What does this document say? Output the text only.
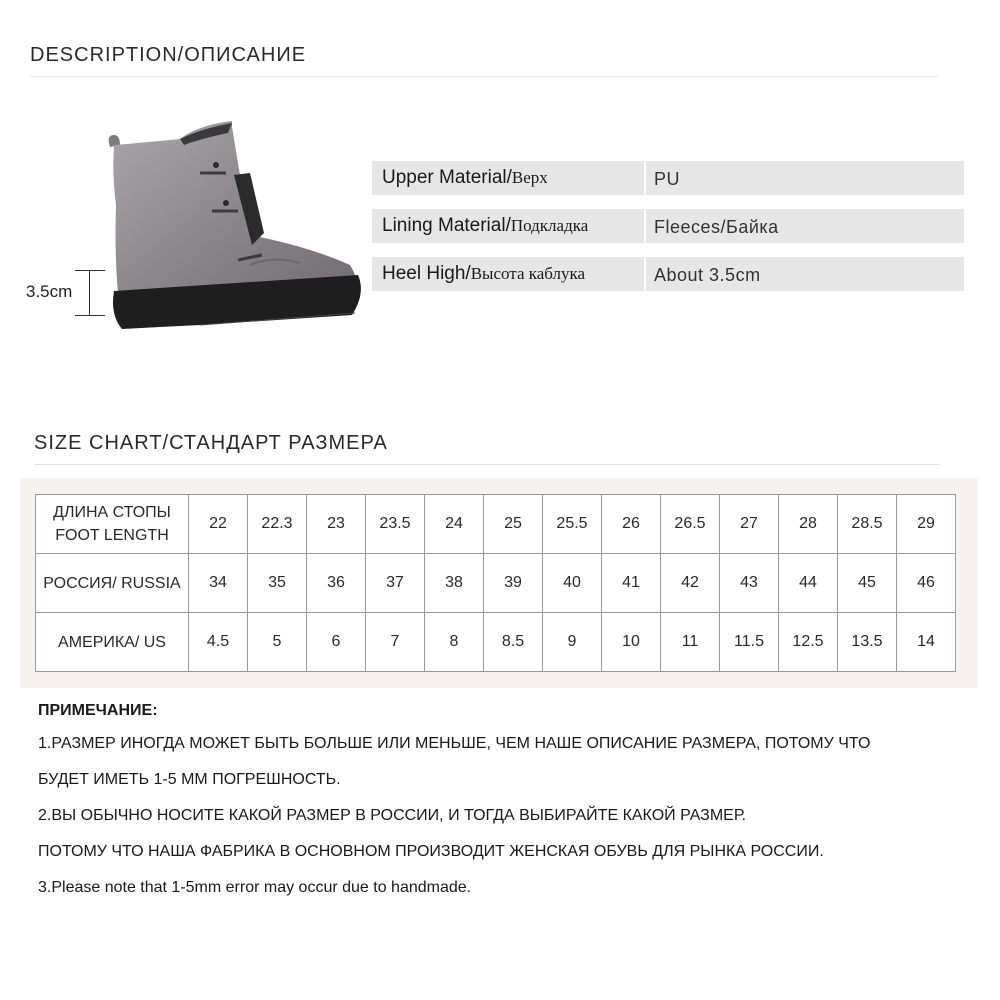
DESCRIPTION/ОПИСАНИЕ
3.5cm
Upper Material/Верх	PU
Lining Material/Подкладка	Fleeces/Байка
Heel High/Высота каблука	About 3.5cm
SIZE CHART/СТАНДАРТ РАЗМЕРА
ДЛИНА СТОПЫ
FOOT LENGTH	22	22.3	23	23.5	24	25	25.5	26	26.5	27	28	28.5	29

РОССИЯ/ RUSSIA	34	35	36	37	38	39	40	41	42	43	44	45	46

АМЕРИКА/ US	4.5	5	6	7	8	8.5	9	10	11	11.5	12.5	13.5	14
ПРИМЕЧАНИЕ:
1.РАЗМЕР ИНОГДА МОЖЕТ БЫТЬ БОЛЬШЕ ИЛИ МЕНЬШЕ, ЧЕМ НАШЕ ОПИСАНИЕ РАЗМЕРА, ПОТОМУ ЧТО
БУДЕТ ИМЕТЬ 1-5 ММ ПОГРЕШНОСТЬ.
2.ВЫ ОБЫЧНО НОСИТЕ КАКОЙ РАЗМЕР В РОССИИ, И ТОГДА ВЫБИРАЙТЕ КАКОЙ РАЗМЕР.
ПОТОМУ ЧТО НАША ФАБРИКА В ОСНОВНОМ ПРОИЗВОДИТ ЖЕНСКАЯ ОБУВЬ ДЛЯ РЫНКА РОССИИ.
3.Please note that 1-5mm error may occur due to handmade.
